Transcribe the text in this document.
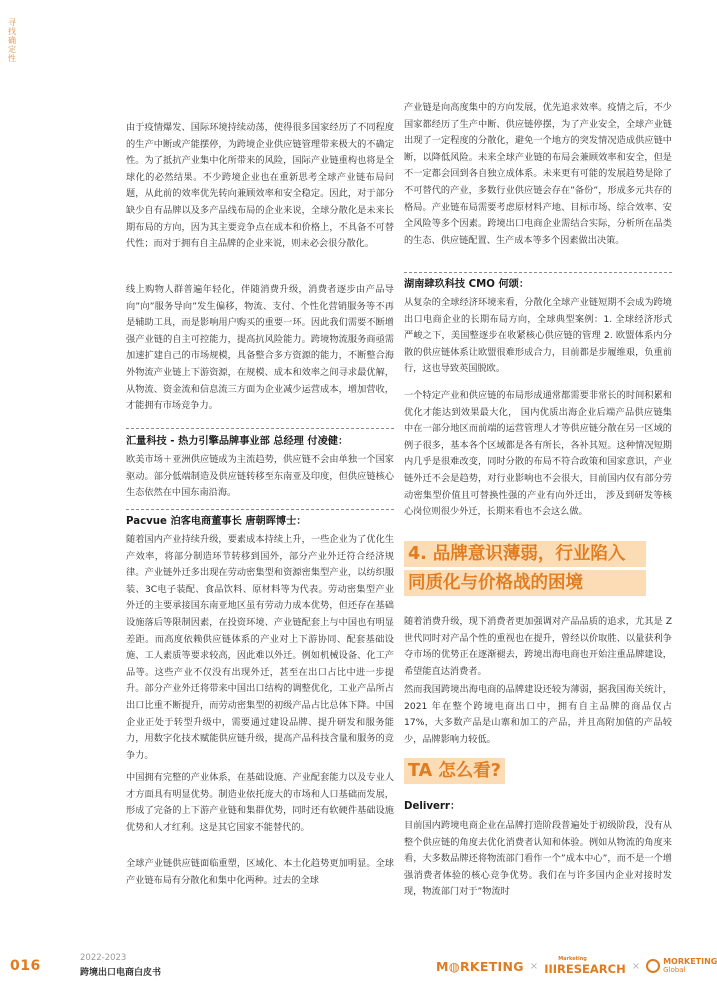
寻
找
确
定
性

由于疫情爆发、国际环境持续动荡，使得很多国家经历了不同程度的生产中断或产能摆停，为跨境企业供应链管理带来极大的不确定性。为了抵抗产业集中化所带来的风险，国际产业链重构也将是全球化的必然结果。不少跨境企业也在重新思考全球产业链布局问题，从此前的效率优先转向兼顾效率和安全稳定。因此，对于部分缺少自有品牌以及多产品线布局的企业来说，全球分散化是未来长期布局的方向，因为其主要竞争点在成本和价格上，不具备不可替代性；而对于拥有自主品牌的企业来说，则未必会很分散化。

线上购物人群普遍年轻化，伴随消费升级，消费者逐步由产品导向”向”服务导向”发生偏移，物流、支付、个性化营销服务等不再是辅助工具，而是影响用户购买的重要一环。因此我们需要不断增强产业链的自主可控能力，提高抗风险能力。跨境物流服务商亟需加速扩建自己的市场规模，具备整合多方资源的能力，不断整合海外物流产业链上下游资源，在规模、成本和效率之间寻求最优解，从物流、资金流和信息流三方面为企业减少运营成本，增加营收，才能拥有市场竞争力。

汇量科技 - 热力引擎品牌事业部 总经理 付凌健：

欧美市场＋亚洲供应链成为主流趋势，供应链不会由单独一个国家驱动。部分低端制造及供应链转移至东南亚及印度，但供应链核心生态依然在中国东南沿海。

Pacvue 泊客电商董事长 唐朝晖博士：

随着国内产业持续升级，要素成本持续上升，一些企业为了优化生产效率，将部分制造环节转移到国外，部分产业外迁符合经济规律。产业链外迁多出现在劳动密集型和资源密集型产业，以纺织服装、3C电子装配、食品饮料、原材料等为代表。劳动密集型产业外迁的主要承接国东南亚地区虽有劳动力成本优势，但还存在基础设施落后等限制因素，在投资环境、产业链配套上与中国也有明显差距。而高度依赖供应链体系的产业对上下游协同、配套基础设施、工人素质等要求较高，因此难以外迁。例如机械设备、化工产品等。这些产业不仅没有出现外迁，甚至在出口占比中进一步提升。部分产业外迁将带来中国出口结构的调整优化，工业产品所占出口比重不断提升，而劳动密集型的初级产品占比总体下降。中国企业正处于转型升级中，需要通过建设品牌、提升研发和服务能力，用数字化技术赋能供应链升级，提高产品科技含量和服务的竞争力。

中国拥有完整的产业体系，在基础设施、产业配套能力以及专业人才方面具有明显优势。制造业依托庞大的市场和人口基础而发展，形成了完备的上下游产业链和集群优势，同时还有软硬件基础设施优势和人才红利。这是其它国家不能替代的。

全球产业链供应链面临重塑，区域化、本土化趋势更加明显。全球产业链布局有分散化和集中化两种。过去的全球

产业链是向高度集中的方向发展，优先追求效率。疫情之后，不少国家都经历了生产中断、供应链停摆，为了产业安全，全球产业链出现了一定程度的分散化，避免一个地方的突发情况造成供应链中断，以降低风险。未来全球产业链的布局会兼顾效率和安全，但是不一定都会回到各自独立成体系。未来更有可能的发展趋势是除了不可替代的产业，多数行业供应链会存在”备份”，形成多元共存的格局。产业链布局需要考虑原材料产地、目标市场、综合效率、安全风险等多个因素。跨境出口电商企业需结合实际，分析所在品类的生态、供应链配置、生产成本等多个因素做出决策。

湖南肆玖科技 CMO 何颂：

从复杂的全球经济环境来看，分散化全球产业链短期不会成为跨境出口电商企业的长期布局方向，全球典型案例：1. 全球经济形式严峻之下，美国整逐步在收紧核心供应链的管理 2. 欧盟体系内分散的供应链体系让欧盟很难形成合力，目前都是步履维艰，负重前行，这也导致英国脱欧。

一个特定产业和供应链的布局形成通常都需要非常长的时间积累和优化才能达到效果最大化， 国内优质出海企业后端产品供应链集中在一部分地区而前端的运营管理人才等供应链分散在另一区域的例子很多，基本各个区域都是各有所长，各补其短。这种情况短期内几乎是很难改变，同时分散的布局不符合政策和国家意识，产业链外迁不会是趋势，对行业影响也不会很大，目前国内仅有部分劳动密集型价值且可替换性强的产业有向外迁出， 涉及到研发等核心岗位则很少外迁，长期来看也不会这么做。

4. 品牌意识薄弱，行业陷入
同质化与价格战的困境

随着消费升级，现下消费者更加强调对产品品质的追求，尤其是 Z 世代同时对产品个性的重视也在提升，曾经以价取胜、以量获利争夺市场的优势正在逐渐褪去，跨境出海电商也开始注重品牌建设，希望能直达消费者。

然而我国跨境出海电商的品牌建设还较为薄弱，据我国海关统计，2021 年在整个跨境电商出口中，拥有自主品牌的商品仅占 17%，大多数产品是山寨和加工的产品，并且高附加值的产品较少，品牌影响力较低。

TA 怎么看?
Deliverr：

目前国内跨境电商企业在品牌打造阶段普遍处于初级阶段，没有从整个供应链的角度去优化消费者认知和体验。例如从物流的角度来看，大多数品牌还将物流部门看作一个”成本中心”，而不是一个增强消费者体验的核心竞争优势。我们在与许多国内企业对接时发现，物流部门对于”物流时

016	2022-2023
跨境出口电商白皮书	M◍RKETING ×
Marketing
IIIRESEARCH ×	MORKETING
Global
